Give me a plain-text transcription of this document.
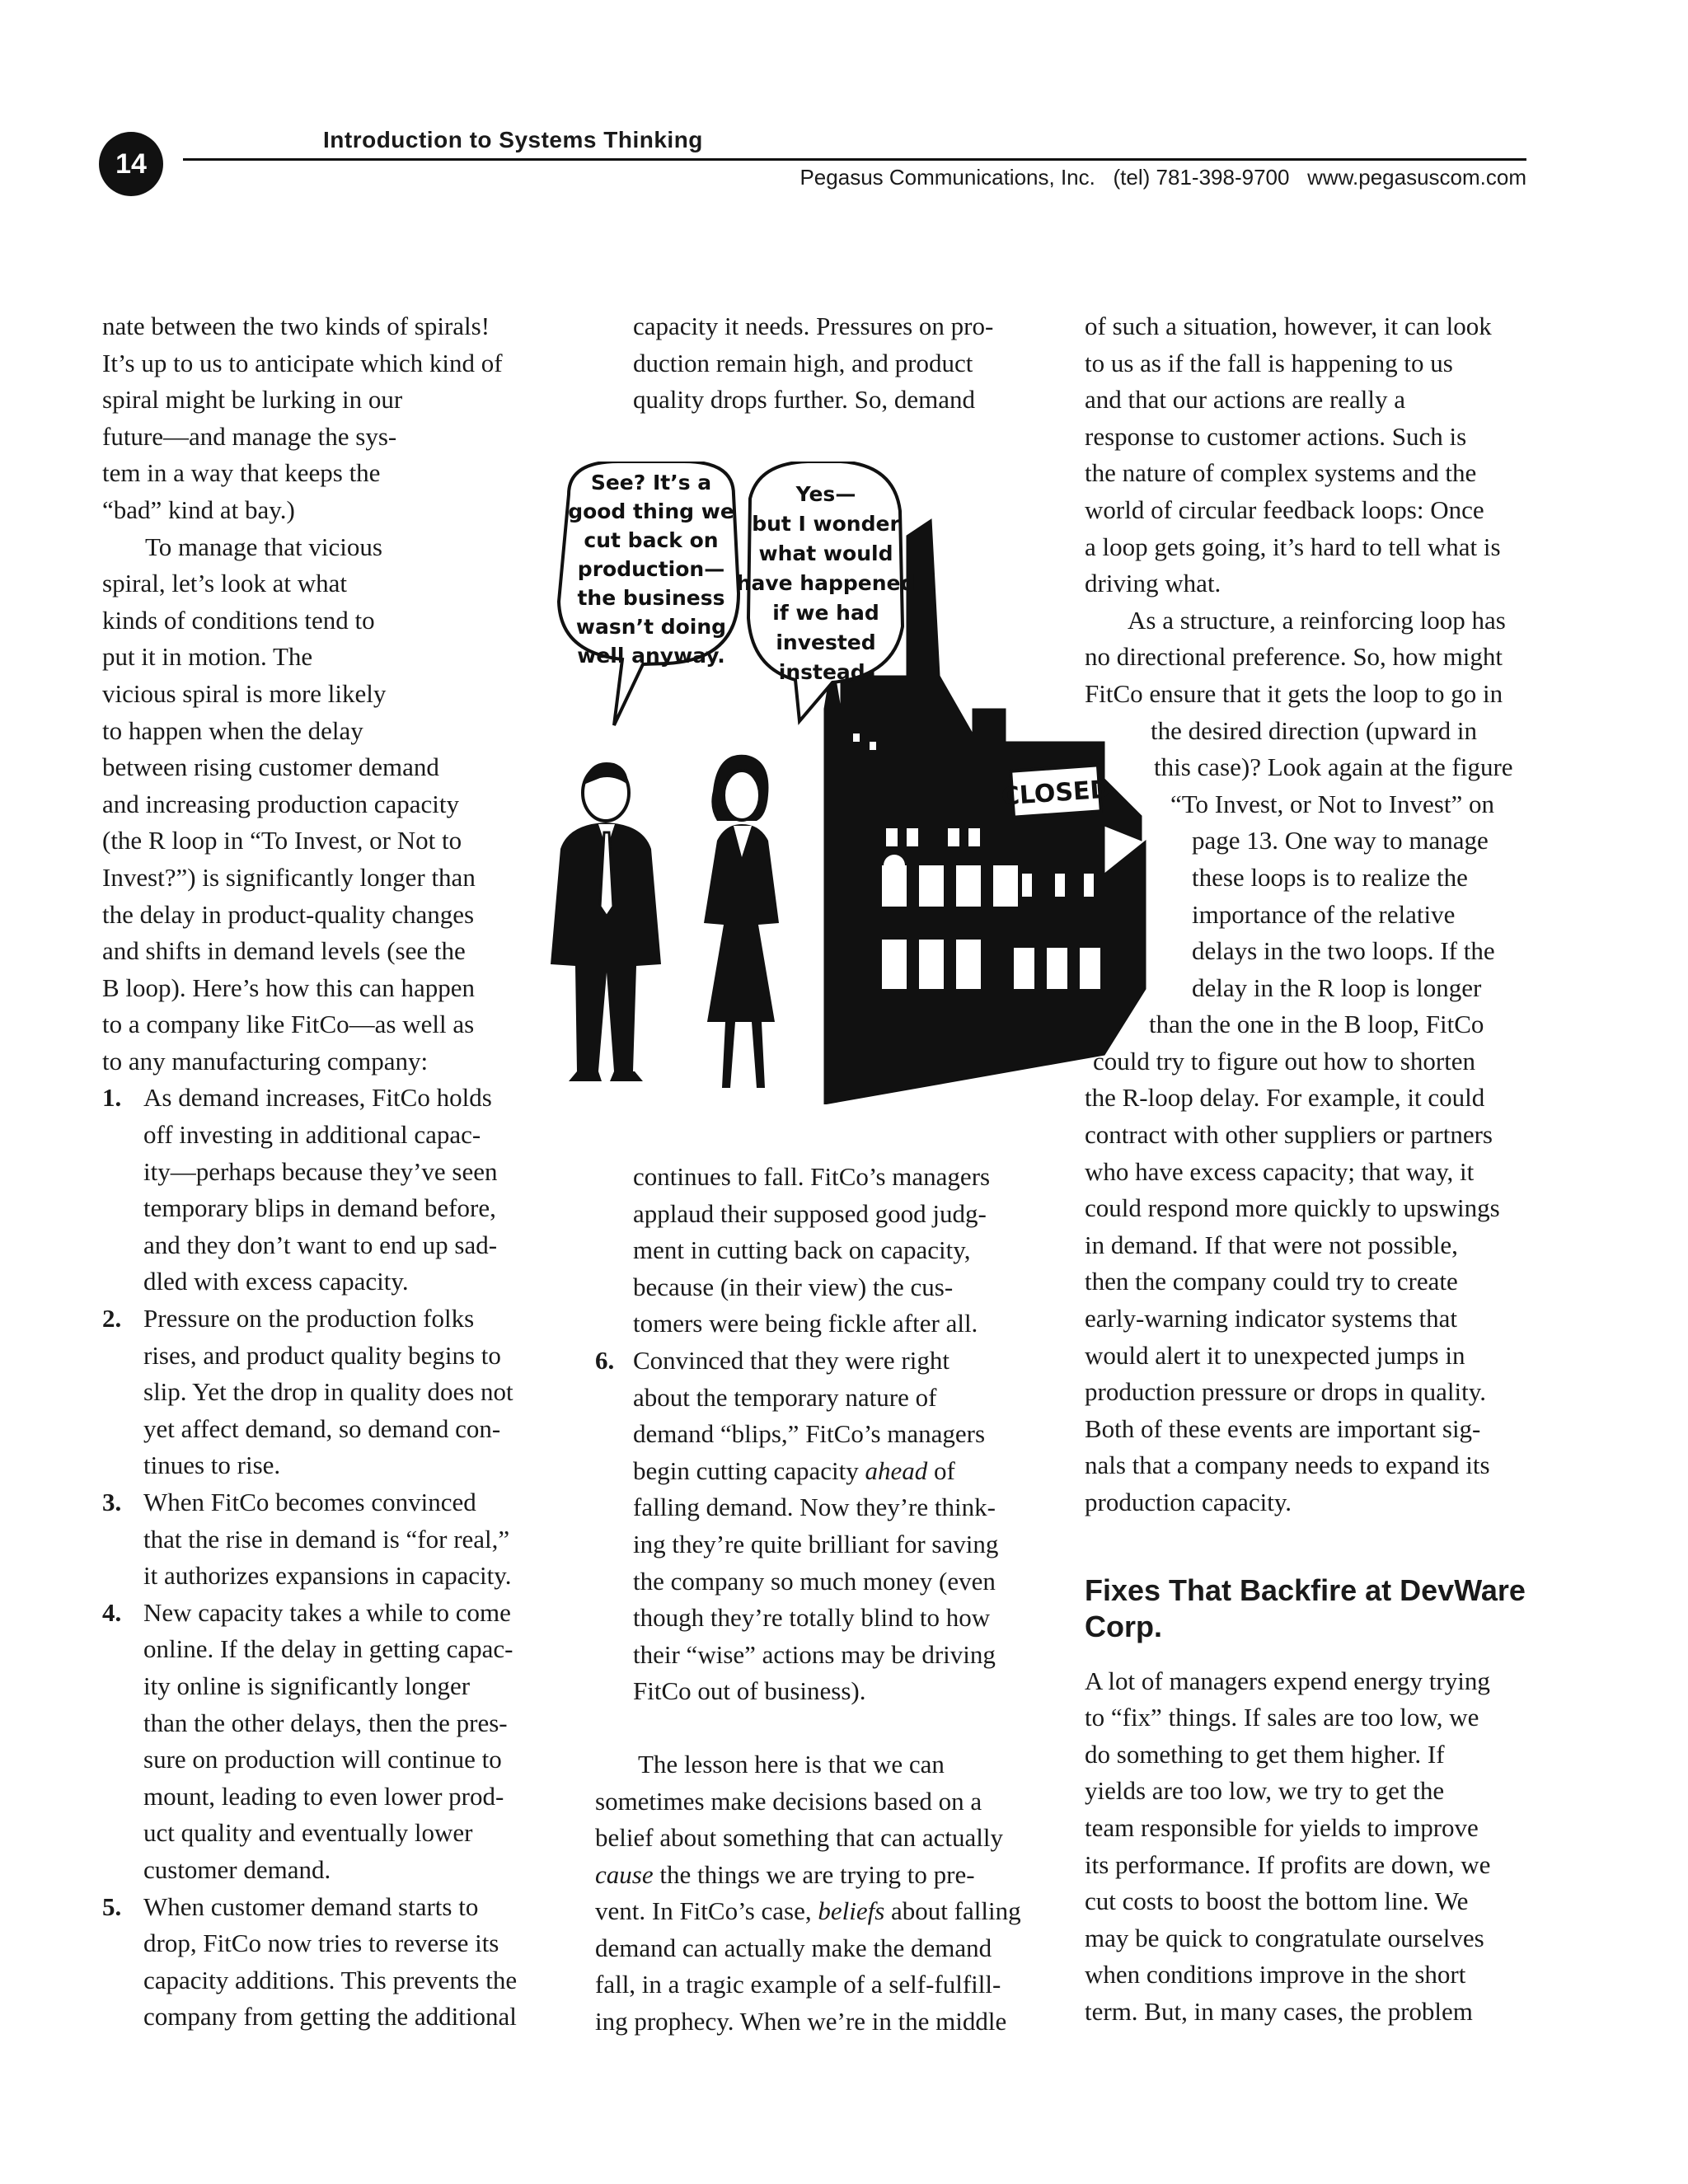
14
Introduction to Systems Thinking
Pegasus Communications, Inc.   (tel) 781-398-9700   www.pegasuscom.com

nate between the two kinds of spirals!
It’s up to us to anticipate which kind of
spiral might be lurking in our
future—and manage the sys-
tem in a way that keeps the
“bad” kind at bay.)

To manage that vicious
spiral, let’s look at what
kinds of conditions tend to
put it in motion. The
vicious spiral is more likely
to happen when the delay
between rising customer demand
and increasing production capacity
(the R loop in “To Invest, or Not to
Invest?”) is significantly longer than
the delay in product-quality changes
and shifts in demand levels (see the
B loop). Here’s how this can happen
to a company like FitCo—as well as
to any manufacturing company:

1. As demand increases, FitCo holds
off investing in additional capac-
ity—perhaps because they’ve seen
temporary blips in demand before,
and they don’t want to end up sad-
dled with excess capacity.
2. Pressure on the production folks
rises, and product quality begins to
slip. Yet the drop in quality does not
yet affect demand, so demand con-
tinues to rise.
3. When FitCo becomes convinced
that the rise in demand is “for real,”
it authorizes expansions in capacity.
4. New capacity takes a while to come
online. If the delay in getting capac-
ity online is significantly longer
than the other delays, then the pres-
sure on production will continue to
mount, leading to even lower prod-
uct quality and eventually lower
customer demand.
5. When customer demand starts to
drop, FitCo now tries to reverse its
capacity additions. This prevents the
company from getting the additional

capacity it needs. Pressures on pro-
duction remain high, and product
quality drops further. So, demand

continues to fall. FitCo’s managers
applaud their supposed good judg-
ment in cutting back on capacity,
because (in their view) the cus-
tomers were being fickle after all.
6. Convinced that they were right
about the temporary nature of
demand “blips,” FitCo’s managers
begin cutting capacity ahead of
falling demand. Now they’re think-
ing they’re quite brilliant for saving
the company so much money (even
though they’re totally blind to how
their “wise” actions may be driving
FitCo out of business).

The lesson here is that we can
sometimes make decisions based on a
belief about something that can actually
cause the things we are trying to pre-
vent. In FitCo’s case, beliefs about falling
demand can actually make the demand
fall, in a tragic example of a self-fulfill-
ing prophecy. When we’re in the middle

of such a situation, however, it can look
to us as if the fall is happening to us
and that our actions are really a
response to customer actions. Such is
the nature of complex systems and the
world of circular feedback loops: Once
a loop gets going, it’s hard to tell what is
driving what.

As a structure, a reinforcing loop has
no directional preference. So, how might
FitCo ensure that it gets the loop to go in
the desired direction (upward in
this case)? Look again at the figure
“To Invest, or Not to Invest” on
page 13. One way to manage
these loops is to realize the
importance of the relative
delays in the two loops. If the
delay in the R loop is longer
than the one in the B loop, FitCo
could try to figure out how to shorten
the R-loop delay. For example, it could
contract with other suppliers or partners
who have excess capacity; that way, it
could respond more quickly to upswings
in demand. If that were not possible,
then the company could try to create
early-warning indicator systems that
would alert it to unexpected jumps in
production pressure or drops in quality.
Both of these events are important sig-
nals that a company needs to expand its
production capacity.

Fixes That Backfire at DevWare
Corp.

A lot of managers expend energy trying
to “fix” things. If sales are too low, we
do something to get them higher. If
yields are too low, we try to get the
team responsible for yields to improve
its performance. If profits are down, we
cut costs to boost the bottom line. We
may be quick to congratulate ourselves
when conditions improve in the short
term. But, in many cases, the problem

CLOSED
See? It’s a
good thing we
cut back on
production—
the business
wasn’t doing
well anyway.
Yes—
but I wonder
what would
have happened
if we had
invested
instead.
